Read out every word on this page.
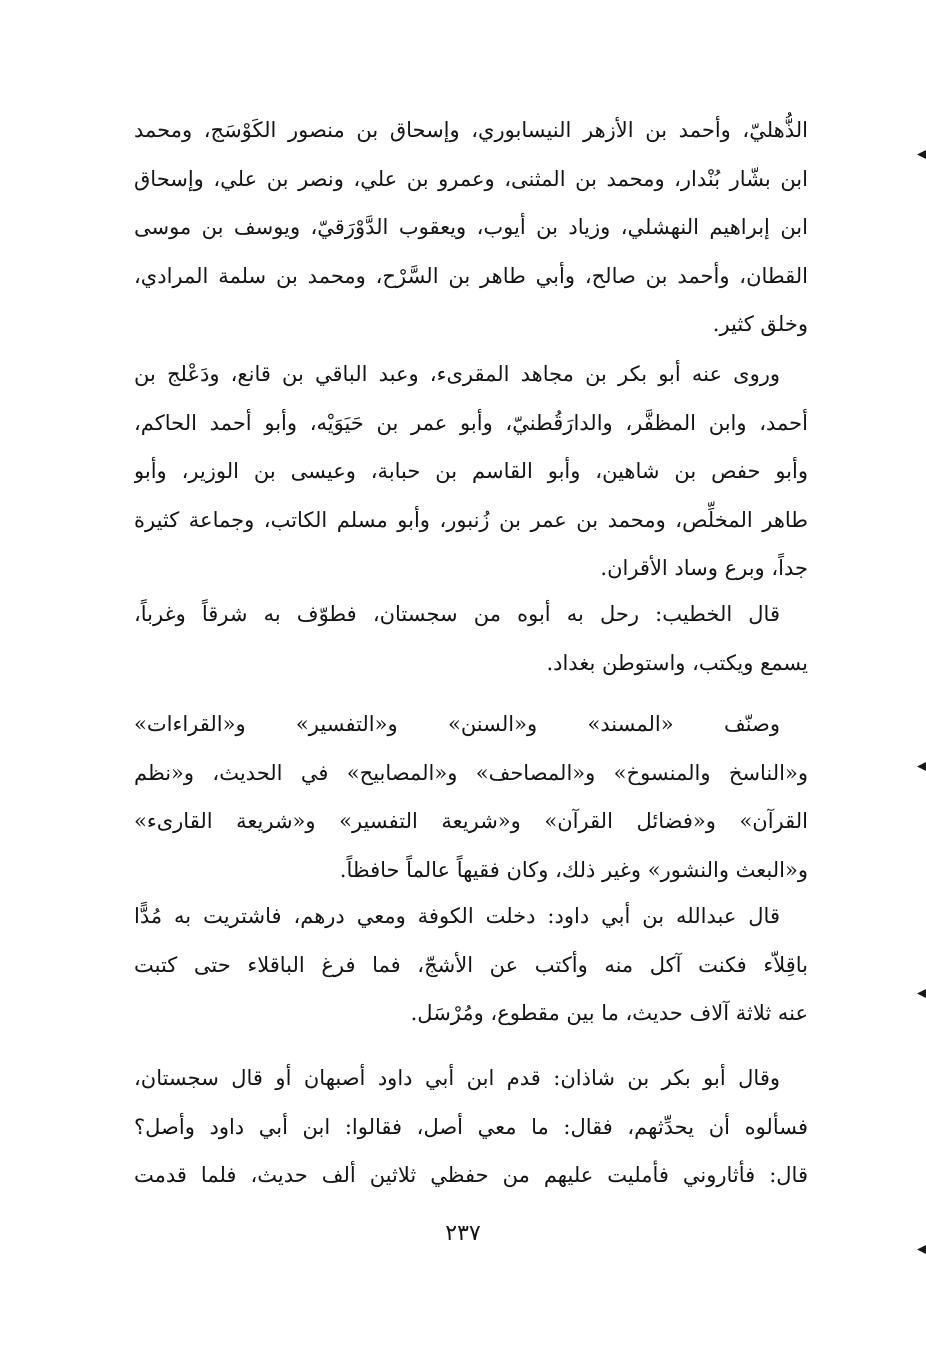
الذُّهليّ، وأحمد بن الأزهر النيسابوري، وإسحاق بن منصور الكَوْسَج، ومحمد
ابن بشّار بُنْدار، ومحمد بن المثنى، وعمرو بن علي، ونصر بن علي، وإسحاق
ابن إبراهيم النهشلي، وزياد بن أيوب، ويعقوب الدَّوْرَقيّ، ويوسف بن موسى
القطان، وأحمد بن صالح، وأبي طاهر بن السَّرْح، ومحمد بن سلمة المرادي،
وخلق كثير.
وروى عنه أبو بكر بن مجاهد المقرىء، وعبد الباقي بن قانع، ودَعْلج بن
أحمد، وابن المظفَّر، والدارَقُطنيّ، وأبو عمر بن حَيَوَيْه، وأبو أحمد الحاكم،
وأبو حفص بن شاهين، وأبو القاسم بن حبابة، وعيسى بن الوزير، وأبو
طاهر المخلِّص، ومحمد بن عمر بن زُنبور، وأبو مسلم الكاتب، وجماعة كثيرة
جداً، وبرع وساد الأقران.
قال الخطيب: رحل به أبوه من سجستان، فطوّف به شرقاً وغرباً،
يسمع ويكتب، واستوطن بغداد.
وصنّف «المسند» و«السنن» و«التفسير» و«القراءات»
و«الناسخ والمنسوخ» و«المصاحف» و«المصابيح» في الحديث، و«نظم
القرآن» و«فضائل القرآن» و«شريعة التفسير» و«شريعة القارىء»
و«البعث والنشور» وغير ذلك، وكان فقيهاً عالماً حافظاً.
قال عبدالله بن أبي داود: دخلت الكوفة ومعي درهم، فاشتريت به مُدًّا
باقِلاّء فكنت آكل منه وأكتب عن الأشجّ، فما فرغ الباقلاء حتى كتبت
عنه ثلاثة آلاف حديث، ما بين مقطوع، ومُرْسَل.
وقال أبو بكر بن شاذان: قدم ابن أبي داود أصبهان أو قال سجستان،
فسألوه أن يحدِّثهم، فقال: ما معي أصل، فقالوا: ابن أبي داود وأصل؟
قال: فأثاروني فأمليت عليهم من حفظي ثلاثين ألف حديث، فلما قدمت
٢٣٧
